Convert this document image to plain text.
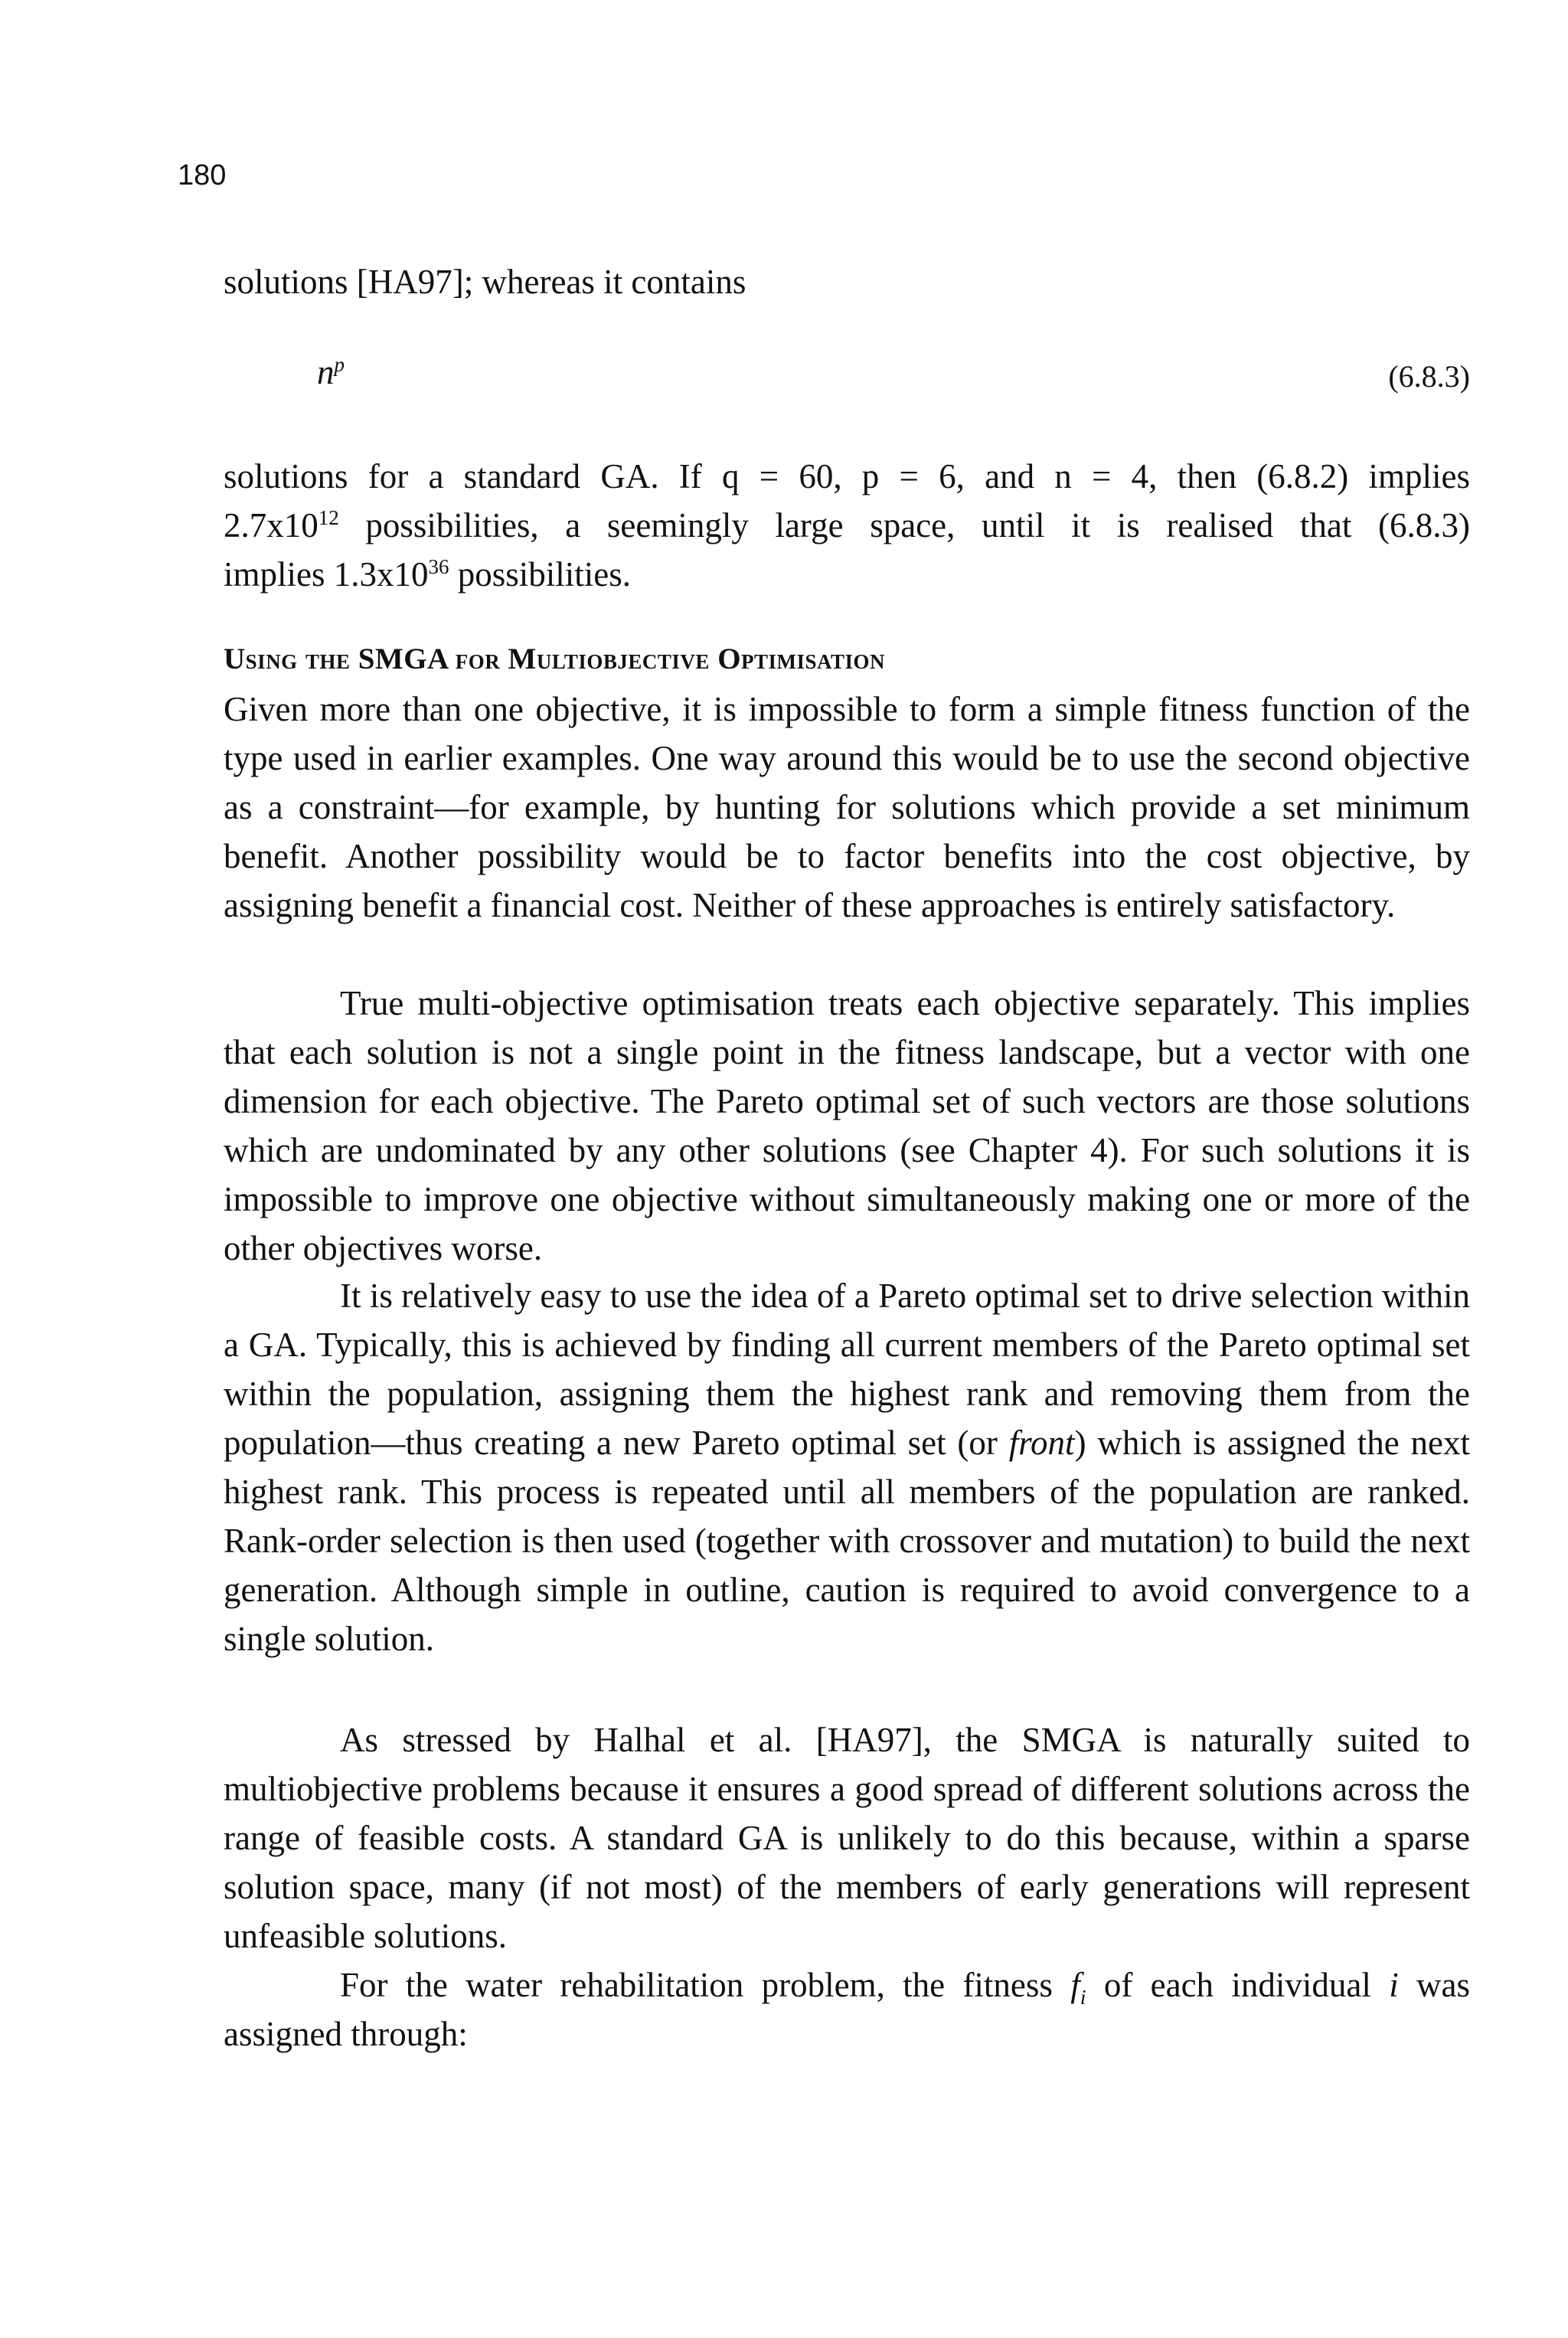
180
solutions [HA97]; whereas it contains
$n^p$	(6.8.3)
solutions for a standard GA. If q = 60, p = 6, and n = 4, then (6.8.2) implies
$2.7x10^{12}$ possibilities, a seemingly large space, until it is realised that (6.8.3)
implies $1.3x10^{36}$ possibilities.
Using the SMGA for Multiobjective Optimisation
Given more than one objective, it is impossible to form a simple fitness function of the type used in earlier examples. One way around this would be to use the second objective as a constraint—for example, by hunting for solutions which provide a set minimum benefit. Another possibility would be to factor benefits into the cost objective, by assigning benefit a financial cost. Neither of these approaches is entirely satisfactory.
True multi-objective optimisation treats each objective separately. This implies that each solution is not a single point in the fitness landscape, but a vector with one dimension for each objective. The Pareto optimal set of such vectors are those solutions which are undominated by any other solutions (see Chapter 4). For such solutions it is impossible to improve one objective without simultaneously making one or more of the other objectives worse.
It is relatively easy to use the idea of a Pareto optimal set to drive selection within a GA. Typically, this is achieved by finding all current members of the Pareto optimal set within the population, assigning them the highest rank and removing them from the population—thus creating a new Pareto optimal set (or front) which is assigned the next highest rank. This process is repeated until all members of the population are ranked. Rank-order selection is then used (together with crossover and mutation) to build the next generation. Although simple in outline, caution is required to avoid convergence to a single solution.
As stressed by Halhal et al. [HA97], the SMGA is naturally suited to multiobjective problems because it ensures a good spread of different solutions across the range of feasible costs. A standard GA is unlikely to do this because, within a sparse solution space, many (if not most) of the members of early generations will represent unfeasible solutions.
For the water rehabilitation problem, the fitness $f_i$ of each individual i was assigned through:
